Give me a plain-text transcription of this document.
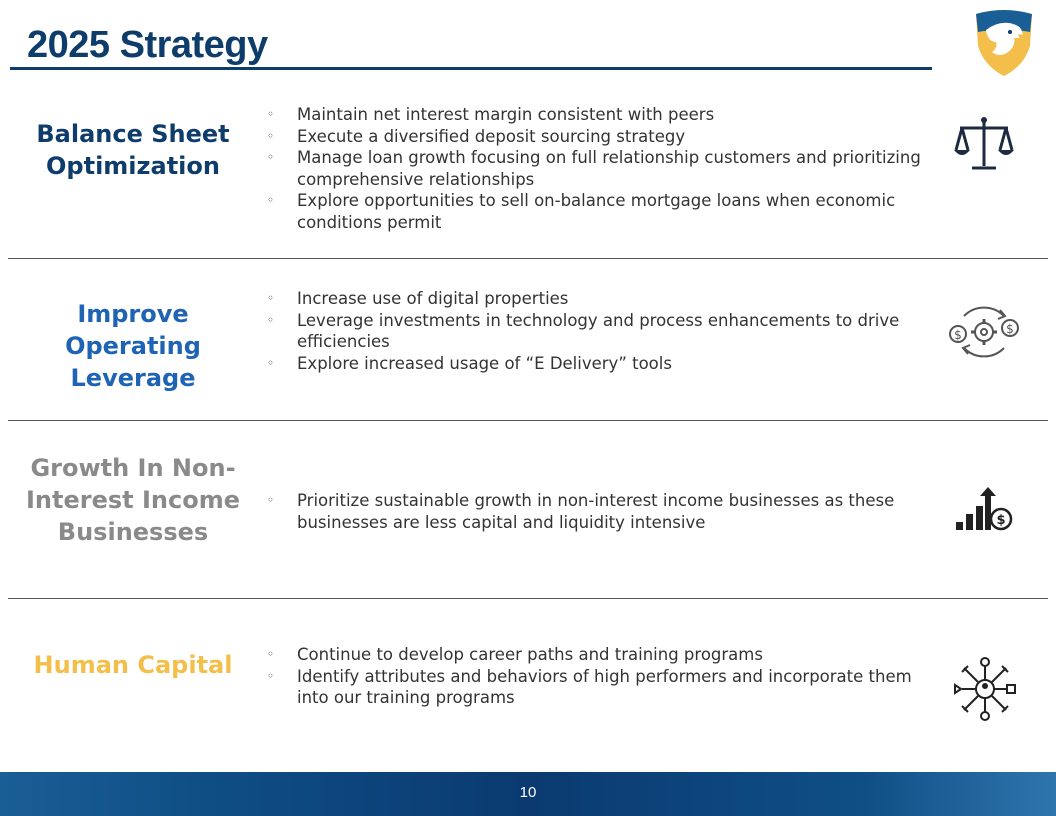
2025 Strategy
Balance Sheet Optimization
◦ Maintain net interest margin consistent with peers
◦ Execute a diversified deposit sourcing strategy
◦ Manage loan growth focusing on full relationship customers and prioritizing comprehensive relationships
◦ Explore opportunities to sell on-balance mortgage loans when economic conditions permit
Improve Operating Leverage
◦ Increase use of digital properties
◦ Leverage investments in technology and process enhancements to drive efficiencies
◦ Explore increased usage of “E Delivery” tools
$	$
Growth In Non-Interest Income Businesses
◦ Prioritize sustainable growth in non-interest income businesses as these businesses are less capital and liquidity intensive	$
Human Capital	◦ Continue to develop career paths and training programs
◦ Identify attributes and behaviors of high performers and incorporate them into our training programs
10
